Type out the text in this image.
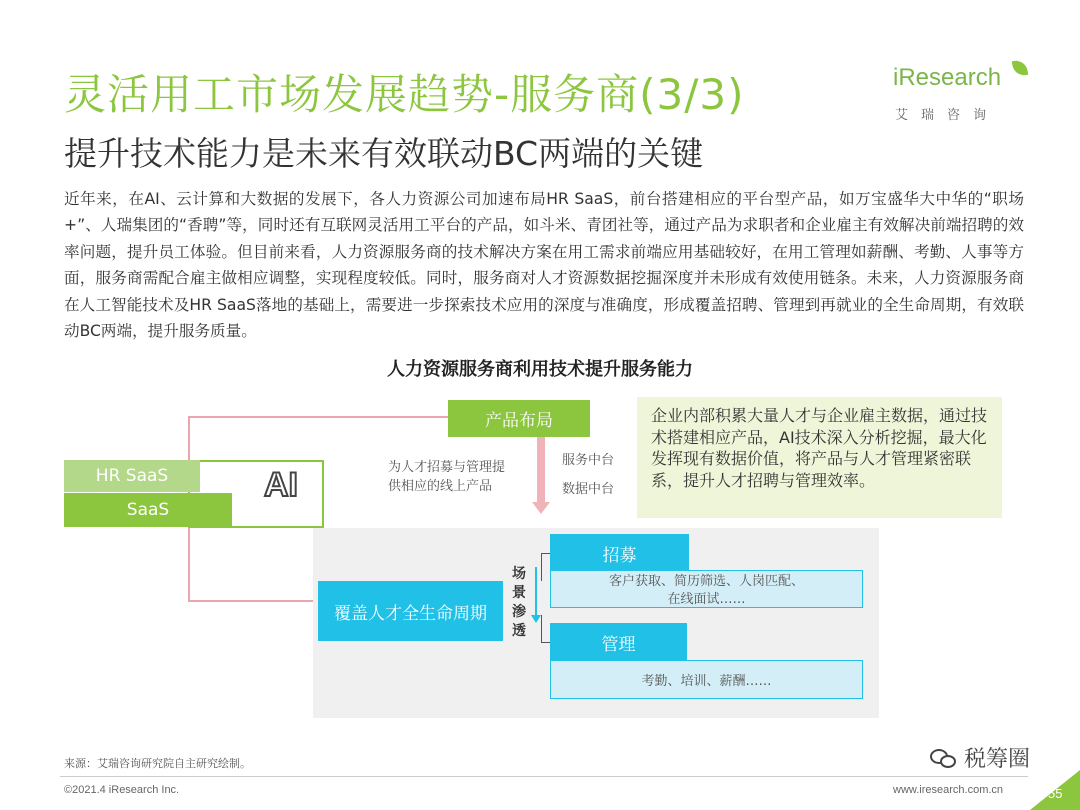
灵活用工市场发展趋势-服务商(3/3)
提升技术能力是未来有效联动BC两端的关键
iResearch
艾瑞咨询
近年来，在AI、云计算和大数据的发展下，各人力资源公司加速布局HR SaaS，前台搭建相应的平台型产品，如万宝盛华大中华的“职场+”、人瑞集团的“香聘”等，同时还有互联网灵活用工平台的产品，如斗米、青团社等，通过产品为求职者和企业雇主有效解决前端招聘的效率问题，提升员工体验。但目前来看，人力资源服务商的技术解决方案在用工需求前端应用基础较好，在用工管理如薪酬、考勤、人事等方面，服务商需配合雇主做相应调整，实现程度较低。同时，服务商对人才资源数据挖掘深度并未形成有效使用链条。未来，人力资源服务商在人工智能技术及HR SaaS落地的基础上，需要进一步探索技术应用的深度与准确度，形成覆盖招聘、管理到再就业的全生命周期，有效联动BC两端，提升服务质量。
人力资源服务商利用技术提升服务能力
HR SaaS
SaaS
AI
产品布局
为人才招募与管理提
供相应的线上产品
服务中台
数据中台
企业内部积累大量人才与企业雇主数据，通过技术搭建相应产品，AI技术深入分析挖掘，最大化发挥现有数据价值，将产品与人才管理紧密联系，提升人才招聘与管理效率。
覆盖人才全生命周期
场景渗透
招募
客户获取、简历筛选、人岗匹配、
在线面试……
管理
考勤、培训、薪酬……
来源：艾瑞咨询研究院自主研究绘制。	税筹圈
©2021.4 iResearch Inc.	www.iresearch.com.cn	55
